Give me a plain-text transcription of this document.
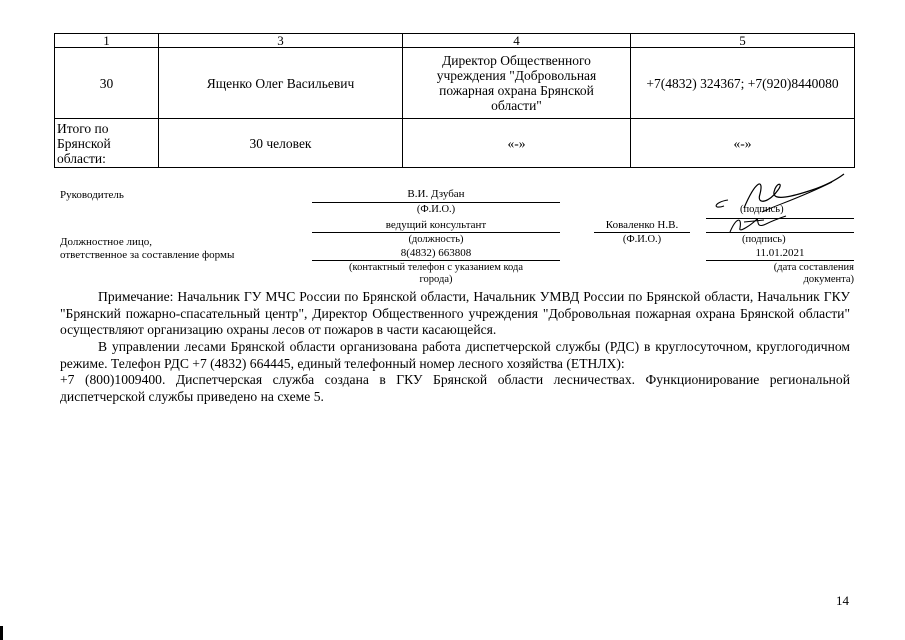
1	3	4	5
30	Ященко Олег Васильевич	Директор Общественного
учреждения "Добровольная
пожарная охрана Брянской
области"	+7(4832) 324367; +7(920)8440080
Итого по
Брянской
области:	30 человек	«-»	«-»
Руководитель	В.И. Дзубан
(Ф.И.О.)	(подпись)
ведущий консультант
(должность)
Коваленко Н.В.
(Ф.И.О.)	(подпись)
Должностное лицо,
ответственное за составление формы	8(4832) 663808
(контактный телефон с указанием кода
города)
11.01.2021
(дата составления
документа)
Примечание: Начальник ГУ МЧС России по Брянской области, Начальник УМВД России по Брянской области, Начальник ГКУ "Брянский пожарно-спасательный центр", Директор Общественного учреждения "Добровольная пожарная охрана Брянской области" осуществляют организацию охраны лесов от пожаров в части касающейся.
В управлении лесами Брянской области организована работа диспетчерской службы (РДС) в круглосуточном, круглогодичном режиме. Телефон РДС +7 (4832) 664445, единый телефонный номер лесного хозяйства (ЕТНЛХ):
+7 (800)1009400. Диспетчерская служба создана в ГКУ Брянской области лесничествах. Функционирование региональной диспетчерской службы приведено на схеме 5.
14
